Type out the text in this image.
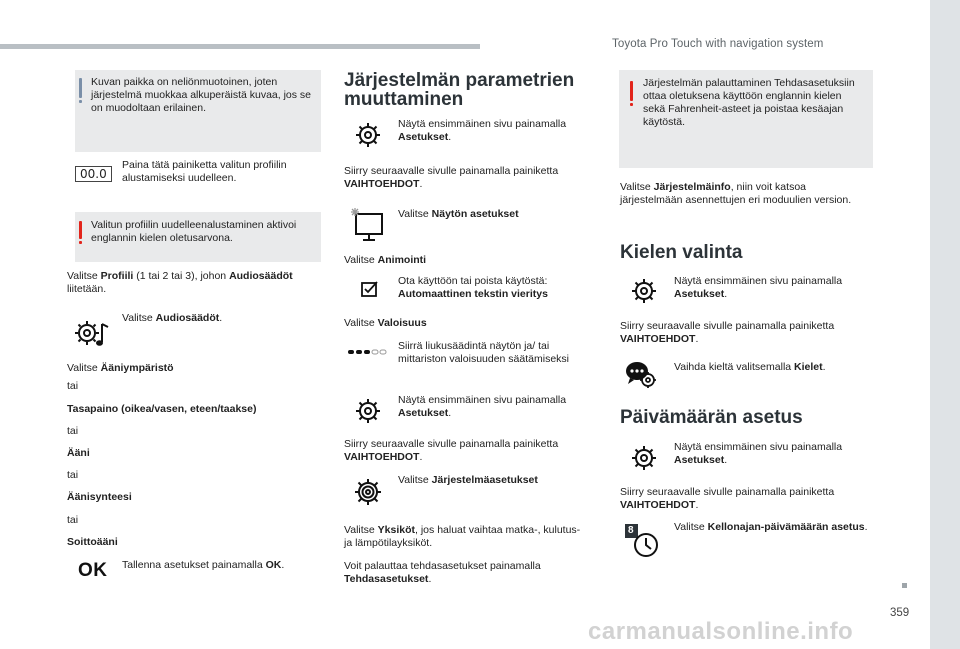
Toyota Pro Touch with navigation system
359
carmanualsonline.info
Kuvan paikka on neliönmuotoinen, joten järjestelmä muokkaa alkuperäistä kuvaa, jos se on muodoltaan erilainen.
00.0

Paina tätä painiketta valitun profiilin alustamiseksi uudelleen.

Valitun profiilin uudelleenalustaminen aktivoi englannin kielen oletusarvona.

Valitse Profiili (1 tai 2 tai 3), johon Audiosäädöt liitetään.

Valitse Audiosäädöt.

Valitse Ääniympäristö

tai

Tasapaino (oikea/vasen, eteen/taakse)

tai

Ääni

tai

Äänisynteesi

tai

Soittoääni

OK Tallenna asetukset painamalla OK.

Järjestelmän parametrien muuttaminen

Näytä ensimmäinen sivu painamalla Asetukset.

Siirry seuraavalle sivulle painamalla painiketta VAIHTOEHDOT.

Valitse Näytön asetukset

Valitse Animointi

Ota käyttöön tai poista käytöstä: Automaattinen tekstin vieritys

Valitse Valoisuus

Siirrä liukusäädintä näytön ja/ tai mittariston valoisuuden säätämiseksi

Näytä ensimmäinen sivu painamalla Asetukset.

Siirry seuraavalle sivulle painamalla painiketta VAIHTOEHDOT.

Valitse Järjestelmäasetukset

Valitse Yksiköt, jos haluat vaihtaa matka-, kulutus- ja lämpötilayksiköt.

Voit palauttaa tehdasasetukset painamalla Tehdasasetukset.

Järjestelmän palauttaminen Tehdasasetuksiin ottaa oletuksena käyttöön englannin kielen sekä Fahrenheit-asteet ja poistaa kesäajan käytöstä.

Valitse Järjestelmäinfo, niin voit katsoa järjestelmään asennettujen eri moduulien version.

Kielen valinta

Näytä ensimmäinen sivu painamalla Asetukset.

Siirry seuraavalle sivulle painamalla painiketta VAIHTOEHDOT.

Vaihda kieltä valitsemalla Kielet.

Päivämäärän asetus

Näytä ensimmäinen sivu painamalla Asetukset.

Siirry seuraavalle sivulle painamalla painiketta VAIHTOEHDOT.

8	Valitse Kellonajan-päivämäärän asetus.
